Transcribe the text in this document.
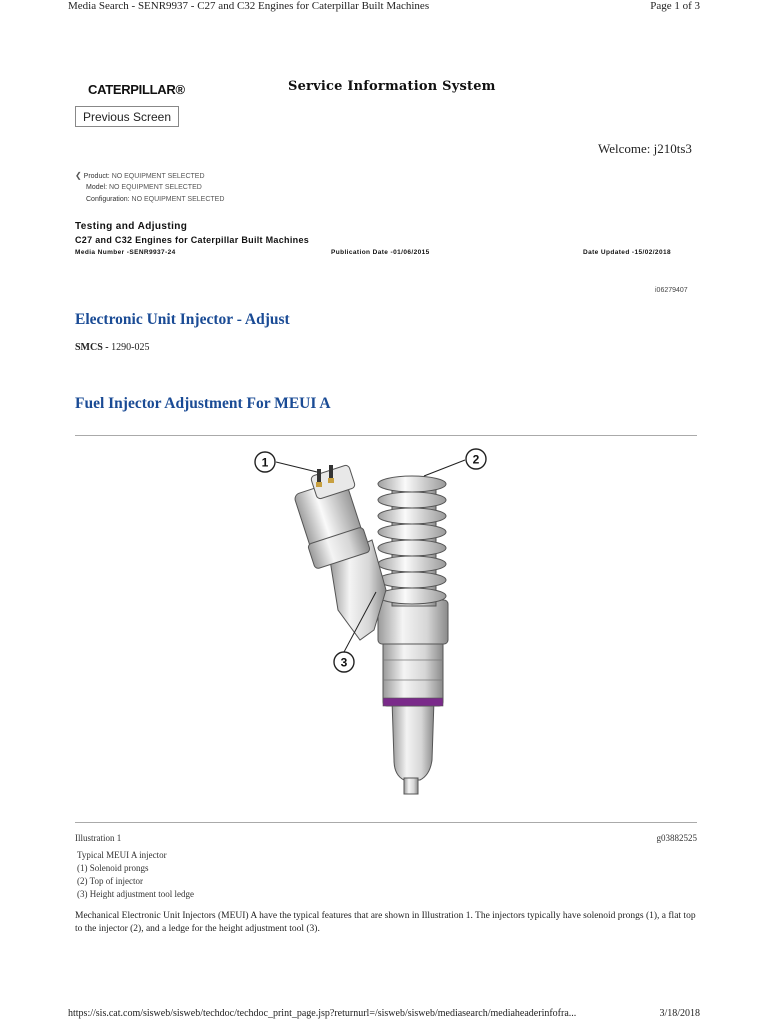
Media Search - SENR9937 - C27 and C32 Engines for Caterpillar Built Machines	Page 1 of 3
CATERPILLAR®	Service Information System
Previous Screen
Welcome: j210ts3
❮ Product: NO EQUIPMENT SELECTED
Model: NO EQUIPMENT SELECTED
Configuration: NO EQUIPMENT SELECTED
Testing and Adjusting
C27 and C32 Engines for Caterpillar Built Machines
Media Number -SENR9937-24	Publication Date -01/06/2015	Date Updated -15/02/2018
i06279407
Electronic Unit Injector - Adjust
SMCS - 1290-025
Fuel Injector Adjustment For MEUI A
1	2
3
Illustration 1	g03882525
Typical MEUI A injector
(1) Solenoid prongs
(2) Top of injector
(3) Height adjustment tool ledge
Mechanical Electronic Unit Injectors (MEUI) A have the typical features that are shown in Illustration 1. The injectors typically have solenoid prongs (1), a flat top to the injector (2), and a ledge for the height adjustment tool (3).
https://sis.cat.com/sisweb/sisweb/techdoc/techdoc_print_page.jsp?returnurl=/sisweb/sisweb/mediasearch/mediaheaderinfofra...	3/18/2018
